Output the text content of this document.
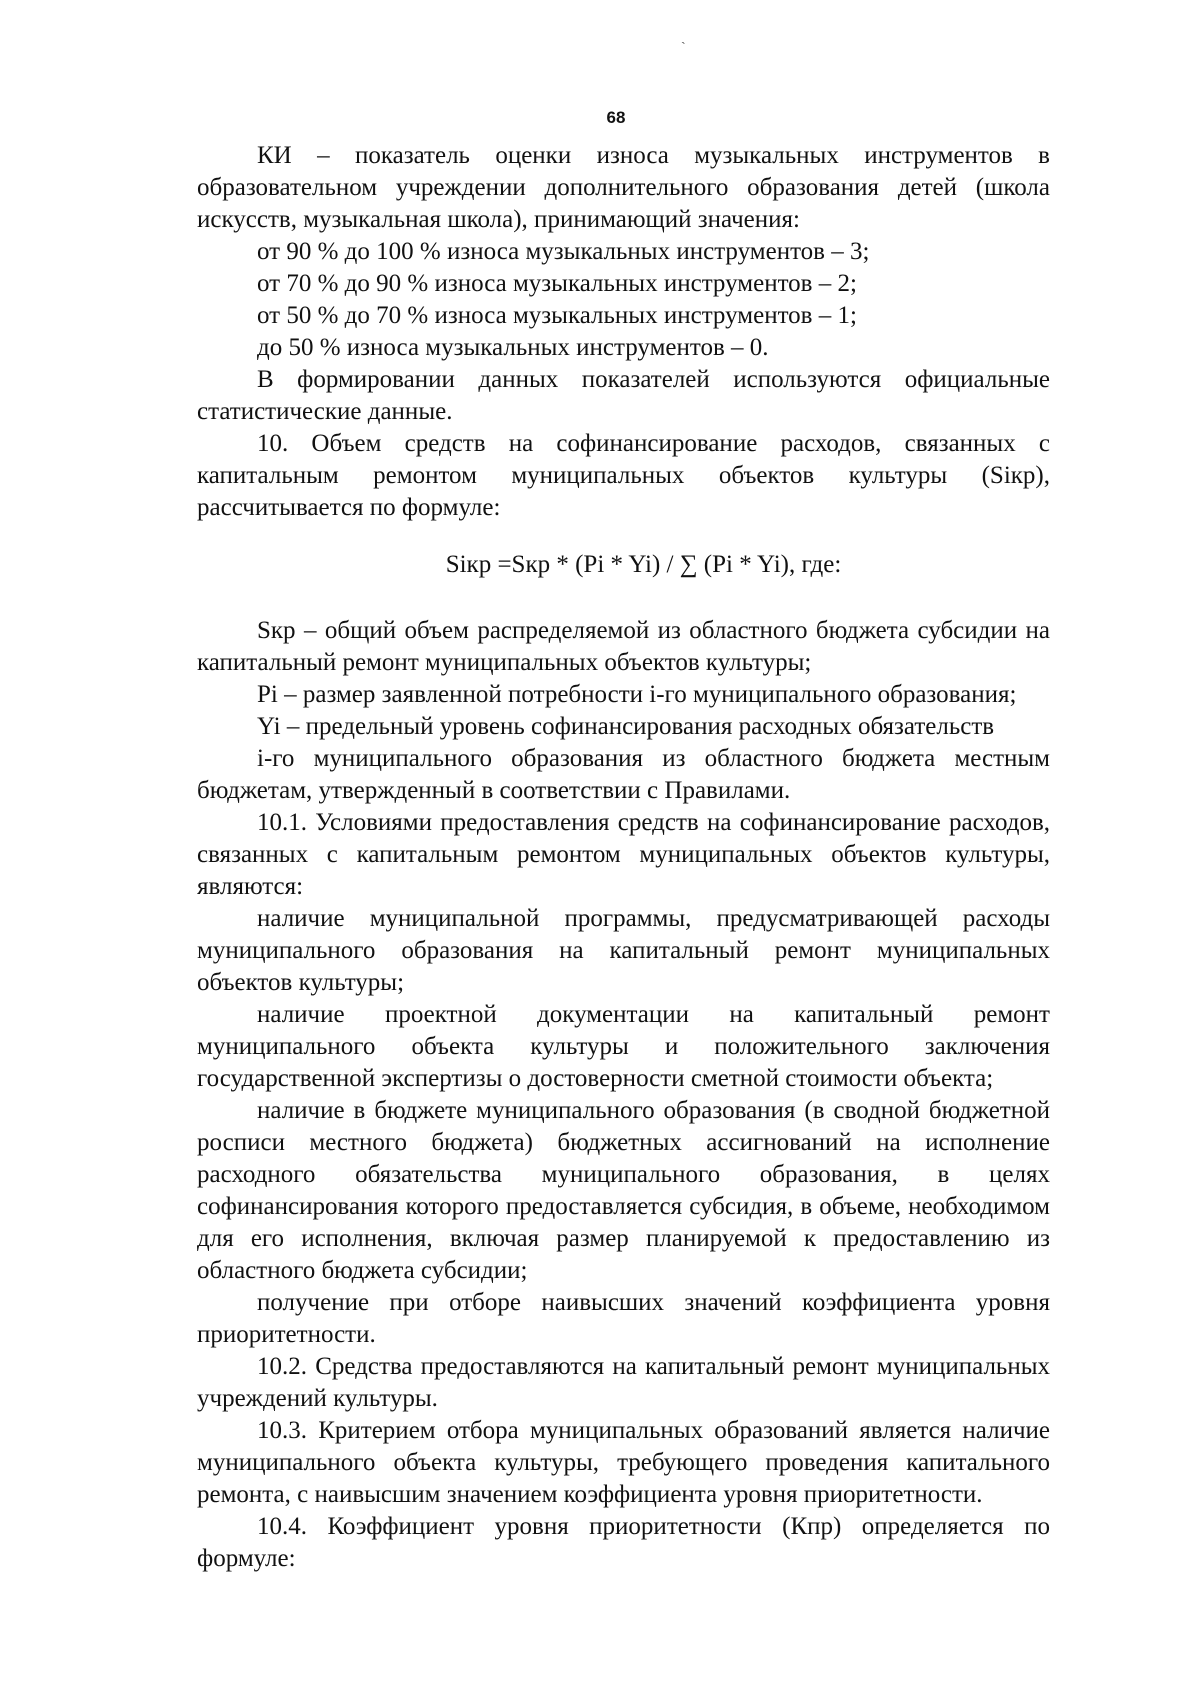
ˎ
68

КИ – показатель оценки износа музыкальных инструментов в образовательном учреждении дополнительного образования детей (школа искусств, музыкальная школа), принимающий значения:

от 90 % до 100 % износа музыкальных инструментов – 3;

от 70 % до 90 % износа музыкальных инструментов – 2;

от 50 % до 70 % износа музыкальных инструментов – 1;

до 50 % износа музыкальных инструментов – 0.

В формировании данных показателей используются официальные статистические данные.

10. Объем средств на софинансирование расходов, связанных с капитальным ремонтом муниципальных объектов культуры (Siкр), рассчитывается по формуле:

Siкр =Sкр * (Pi * Yi) / ∑ (Pi * Yi), где:

Sкр – общий объем распределяемой из областного бюджета субсидии на капитальный ремонт муниципальных объектов культуры;

Pi – размер заявленной потребности i-го муниципального образования;

Yi – предельный уровень софинансирования расходных обязательств

i-го муниципального образования из областного бюджета местным бюджетам, утвержденный в соответствии с Правилами.

10.1. Условиями предоставления средств на софинансирование расходов, связанных с капитальным ремонтом муниципальных объектов культуры, являются:

наличие муниципальной программы, предусматривающей расходы муниципального образования на капитальный ремонт муниципальных объектов культуры;

наличие проектной документации на капитальный ремонт муниципального объекта культуры и положительного заключения государственной экспертизы о достоверности сметной стоимости объекта;

наличие в бюджете муниципального образования (в сводной бюджетной росписи местного бюджета) бюджетных ассигнований на исполнение расходного обязательства муниципального образования, в целях софинансирования которого предоставляется субсидия, в объеме, необходимом для его исполнения, включая размер планируемой к предоставлению из областного бюджета субсидии;

получение при отборе наивысших значений коэффициента уровня приоритетности.

10.2. Средства предоставляются на капитальный ремонт муниципальных учреждений культуры.

10.3. Критерием отбора муниципальных образований является наличие муниципального объекта культуры, требующего проведения капитального ремонта, с наивысшим значением коэффициента уровня приоритетности.

10.4. Коэффициент уровня приоритетности (Кпр) определяется по формуле:
